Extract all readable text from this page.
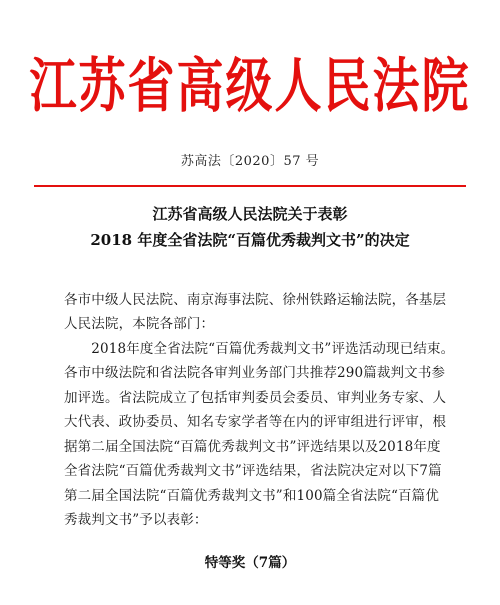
江苏省高级人民法院
苏高法〔2020〕57 号
江苏省高级人民法院关于表彰
2018 年度全省法院“百篇优秀裁判文书”的决定
各市中级人民法院、南京海事法院、徐州铁路运输法院，各基层
人民法院，本院各部门：
　　2018年度全省法院“百篇优秀裁判文书”评选活动现已结束。
各市中级法院和省法院各审判业务部门共推荐290篇裁判文书参
加评选。省法院成立了包括审判委员会委员、审判业务专家、人
大代表、政协委员、知名专家学者等在内的评审组进行评审，根
据第二届全国法院“百篇优秀裁判文书”评选结果以及2018年度
全省法院“百篇优秀裁判文书”评选结果，省法院决定对以下7篇
第二届全国法院“百篇优秀裁判文书”和100篇全省法院“百篇优
秀裁判文书”予以表彰：
特等奖（7篇）
